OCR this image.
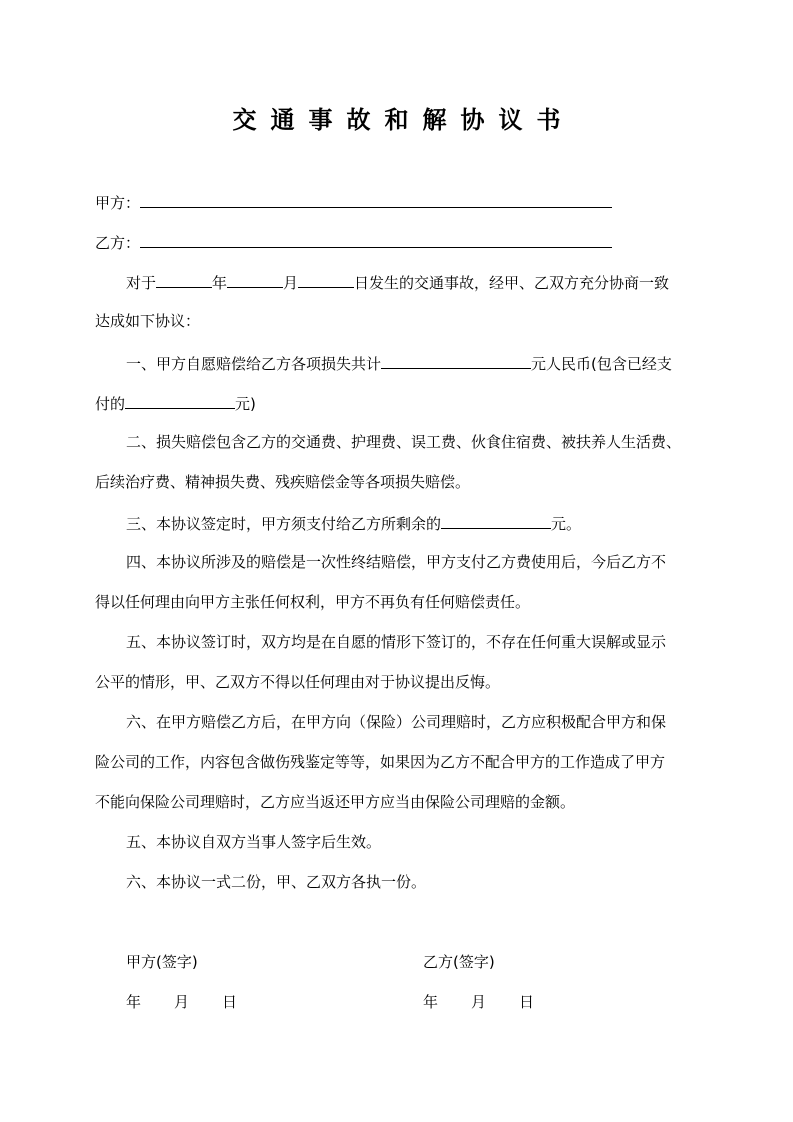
交通事故和解协议书
甲方：
乙方：
对于	年	月	日发生的交通事故，经甲、乙双方充分协商一致
达成如下协议：
一、甲方自愿赔偿给乙方各项损失共计	元人民币(包含已经支
付的	元)
二、损失赔偿包含乙方的交通费、护理费、误工费、伙食住宿费、被扶养人生活费、
后续治疗费、精神损失费、残疾赔偿金等各项损失赔偿。
三、本协议签定时，甲方须支付给乙方所剩余的	元。
四、本协议所涉及的赔偿是一次性终结赔偿，甲方支付乙方费使用后，今后乙方不
得以任何理由向甲方主张任何权利，甲方不再负有任何赔偿责任。
五、本协议签订时，双方均是在自愿的情形下签订的，不存在任何重大误解或显示
公平的情形，甲、乙双方不得以任何理由对于协议提出反悔。
六、在甲方赔偿乙方后，在甲方向（保险）公司理赔时，乙方应积极配合甲方和保
险公司的工作，内容包含做伤残鉴定等等，如果因为乙方不配合甲方的工作造成了甲方
不能向保险公司理赔时，乙方应当返还甲方应当由保险公司理赔的金额。
五、本协议自双方当事人签字后生效。
六、本协议一式二份，甲、乙双方各执一份。
甲方(签字)	乙方(签字)
年 月 日	年 月 日
